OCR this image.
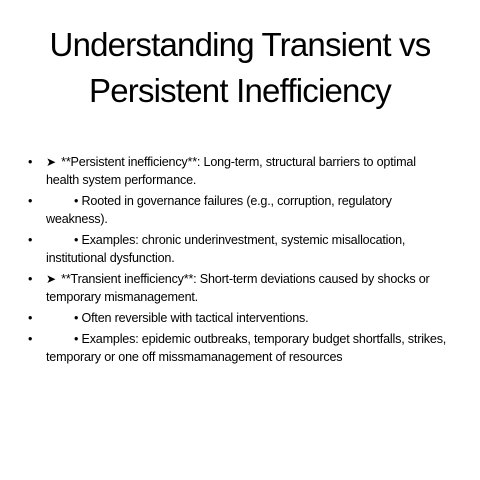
Understanding Transient vs
Persistent Inefficiency
• ➤ **Persistent inefficiency**: Long-term, structural barriers to optimal health system performance.
•	• Rooted in governance failures (e.g., corruption, regulatory weakness).
•	• Examples: chronic underinvestment, systemic misallocation, institutional dysfunction.
• ➤ **Transient inefficiency**: Short-term deviations caused by shocks or temporary mismanagement.
•	• Often reversible with tactical interventions.
•	• Examples: epidemic outbreaks, temporary budget shortfalls, strikes, temporary or one off missmamanagement of resources
